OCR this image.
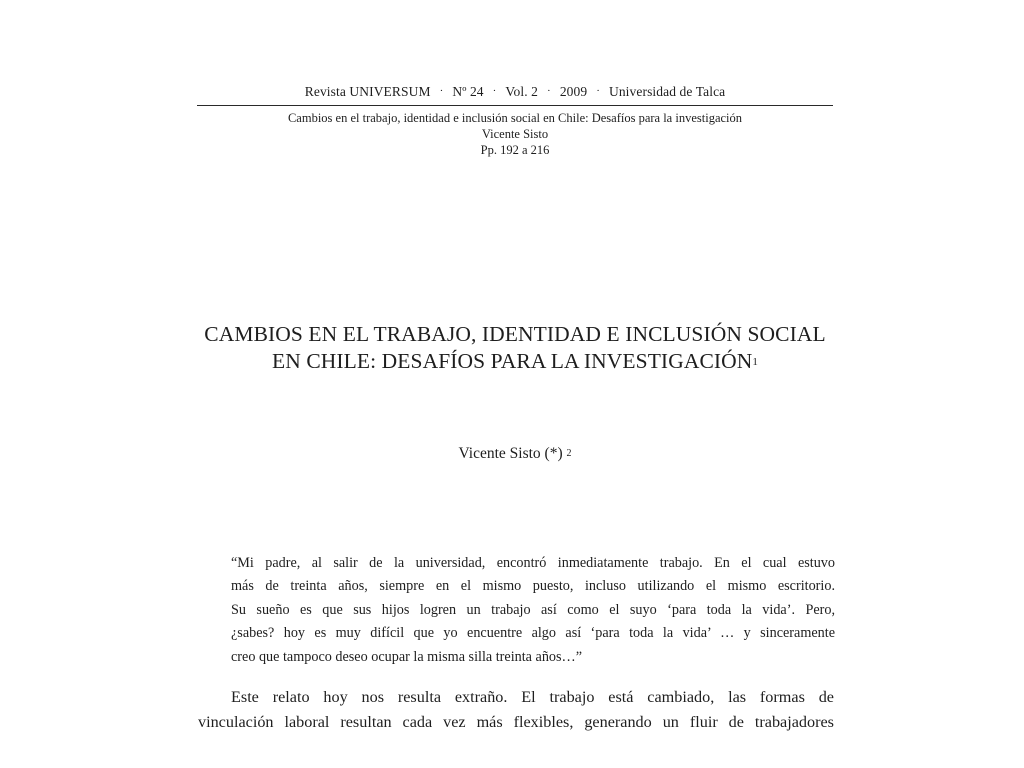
Revista UNIVERSUM · Nº 24 · Vol. 2 · 2009 · Universidad de Talca
Cambios en el trabajo, identidad e inclusión social en Chile: Desafíos para la investigación
Vicente Sisto
Pp. 192 a 216
CAMBIOS EN EL TRABAJO, IDENTIDAD E INCLUSIÓN SOCIAL
EN CHILE: DESAFÍOS PARA LA INVESTIGACIÓN$^1$
Vicente Sisto (*) $^2$
“Mi padre, al salir de la universidad, encontró inmediatamente trabajo. En el cual estuvo
más de treinta años, siempre en el mismo puesto, incluso utilizando el mismo escritorio.
Su sueño es que sus hijos logren un trabajo así como el suyo ‘para toda la vida’. Pero,
¿sabes? hoy es muy difícil que yo encuentre algo así ‘para toda la vida’ … y sinceramente
creo que tampoco deseo ocupar la misma silla treinta años…”
Este relato hoy nos resulta extraño. El trabajo está cambiado, las formas de
vinculación laboral resultan cada vez más flexibles, generando un fluir de trabajadores
